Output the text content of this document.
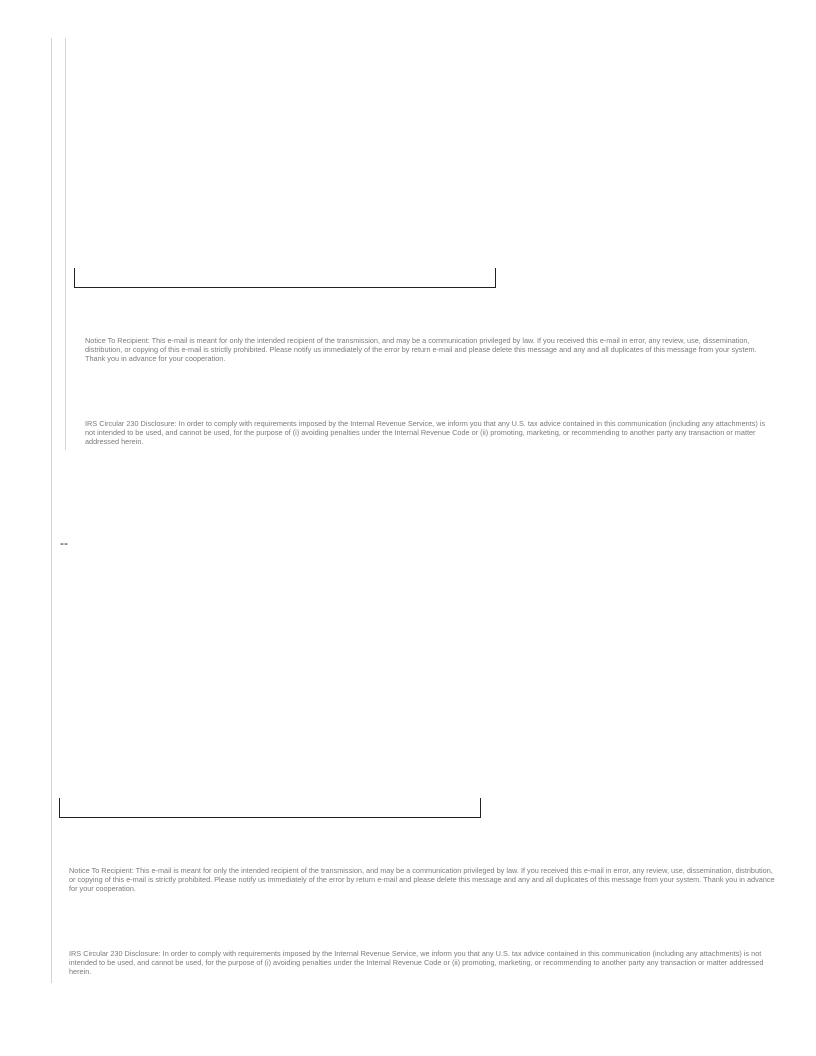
Notice To Recipient: This e-mail is meant for only the intended recipient of the transmission, and may be a communication privileged by law. If you received this e-mail in error, any review, use, dissemination, distribution, or copying of this e-mail is strictly prohibited. Please notify us immediately of the error by return e-mail and please delete this message and any and all duplicates of this message from your system. Thank you in advance for your cooperation.

IRS Circular 230 Disclosure: In order to comply with requirements imposed by the Internal Revenue Service, we inform you that any U.S. tax advice contained in this communication (including any attachments) is not intended to be used, and cannot be used, for the purpose of (i) avoiding penalties under the Internal Revenue Code or (ii) promoting, marketing, or recommending to another party any transaction or matter addressed herein.

--

Notice To Recipient: This e-mail is meant for only the intended recipient of the transmission, and may be a communication privileged by law. If you received this e-mail in error, any review, use, dissemination, distribution, or copying of this e-mail is strictly prohibited. Please notify us immediately of the error by return e-mail and please delete this message and any and all duplicates of this message from your system. Thank you in advance for your cooperation.

IRS Circular 230 Disclosure: In order to comply with requirements imposed by the Internal Revenue Service, we inform you that any U.S. tax advice contained in this communication (including any attachments) is not intended to be used, and cannot be used, for the purpose of (i) avoiding penalties under the Internal Revenue Code or (ii) promoting, marketing, or recommending to another party any transaction or matter addressed herein.
